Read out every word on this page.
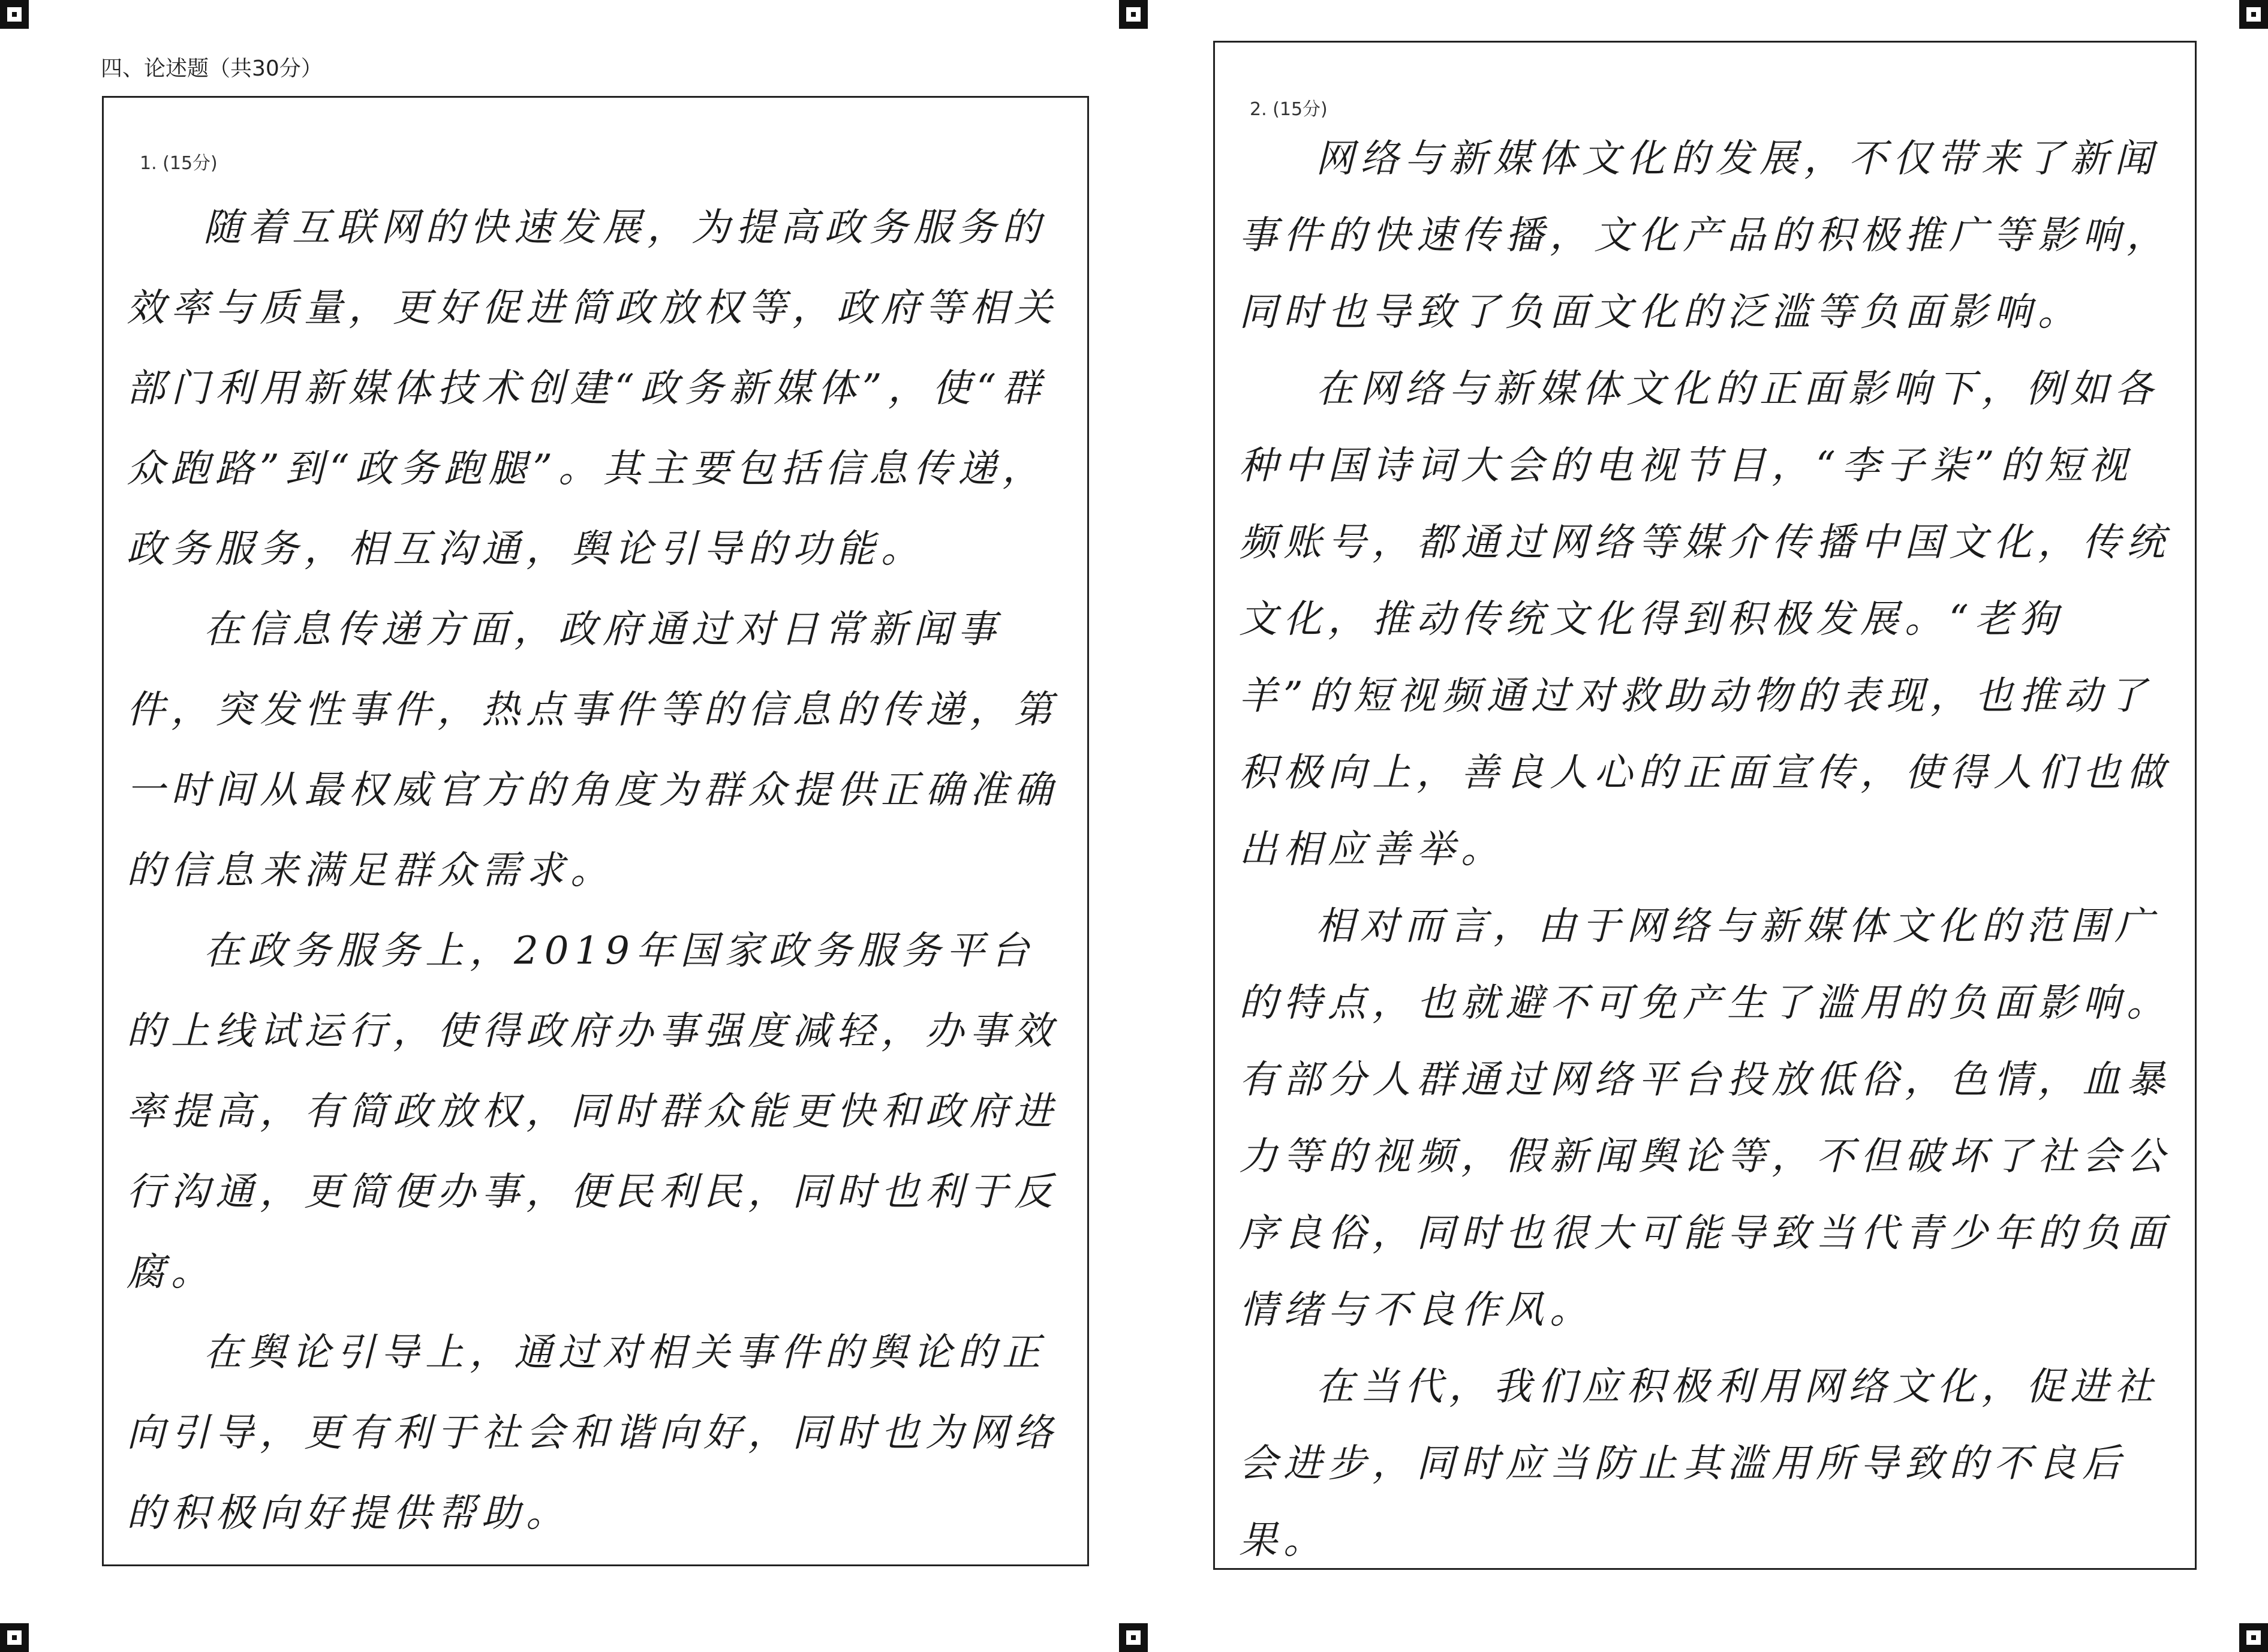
四、论述题（共30分）
1. (15分)

随着互联网的快速发展，为提高政务服务的效率与质量，更好促进简政放权等，政府等相关部门利用新媒体技术创建“政务新媒体”，使“群众跑路”到“政务跑腿”。其主要包括信息传递，政务服务，相互沟通，舆论引导的功能。

在信息传递方面，政府通过对日常新闻事件，突发性事件，热点事件等的信息的传递，第一时间从最权威官方的角度为群众提供正确准确的信息来满足群众需求。

在政务服务上，2019年国家政务服务平台的上线试运行，使得政府办事强度减轻，办事效率提高，有简政放权，同时群众能更快和政府进行沟通，更简便办事，便民利民，同时也利于反腐。

在舆论引导上，通过对相关事件的舆论的正向引导，更有利于社会和谐向好，同时也为网络的积极向好提供帮助。

2. (15分)

网络与新媒体文化的发展，不仅带来了新闻事件的快速传播，文化产品的积极推广等影响，同时也导致了负面文化的泛滥等负面影响。

在网络与新媒体文化的正面影响下，例如各种中国诗词大会的电视节目，“李子柒”的短视频账号，都通过网络等媒介传播中国文化，传统文化，推动传统文化得到积极发展。“老狗羊”的短视频通过对救助动物的表现，也推动了积极向上，善良人心的正面宣传，使得人们也做出相应善举。

相对而言，由于网络与新媒体文化的范围广的特点，也就避不可免产生了滥用的负面影响。有部分人群通过网络平台投放低俗，色情，血暴力等的视频，假新闻舆论等，不但破坏了社会公序良俗，同时也很大可能导致当代青少年的负面情绪与不良作风。

在当代，我们应积极利用网络文化，促进社会进步，同时应当防止其滥用所导致的不良后果。
